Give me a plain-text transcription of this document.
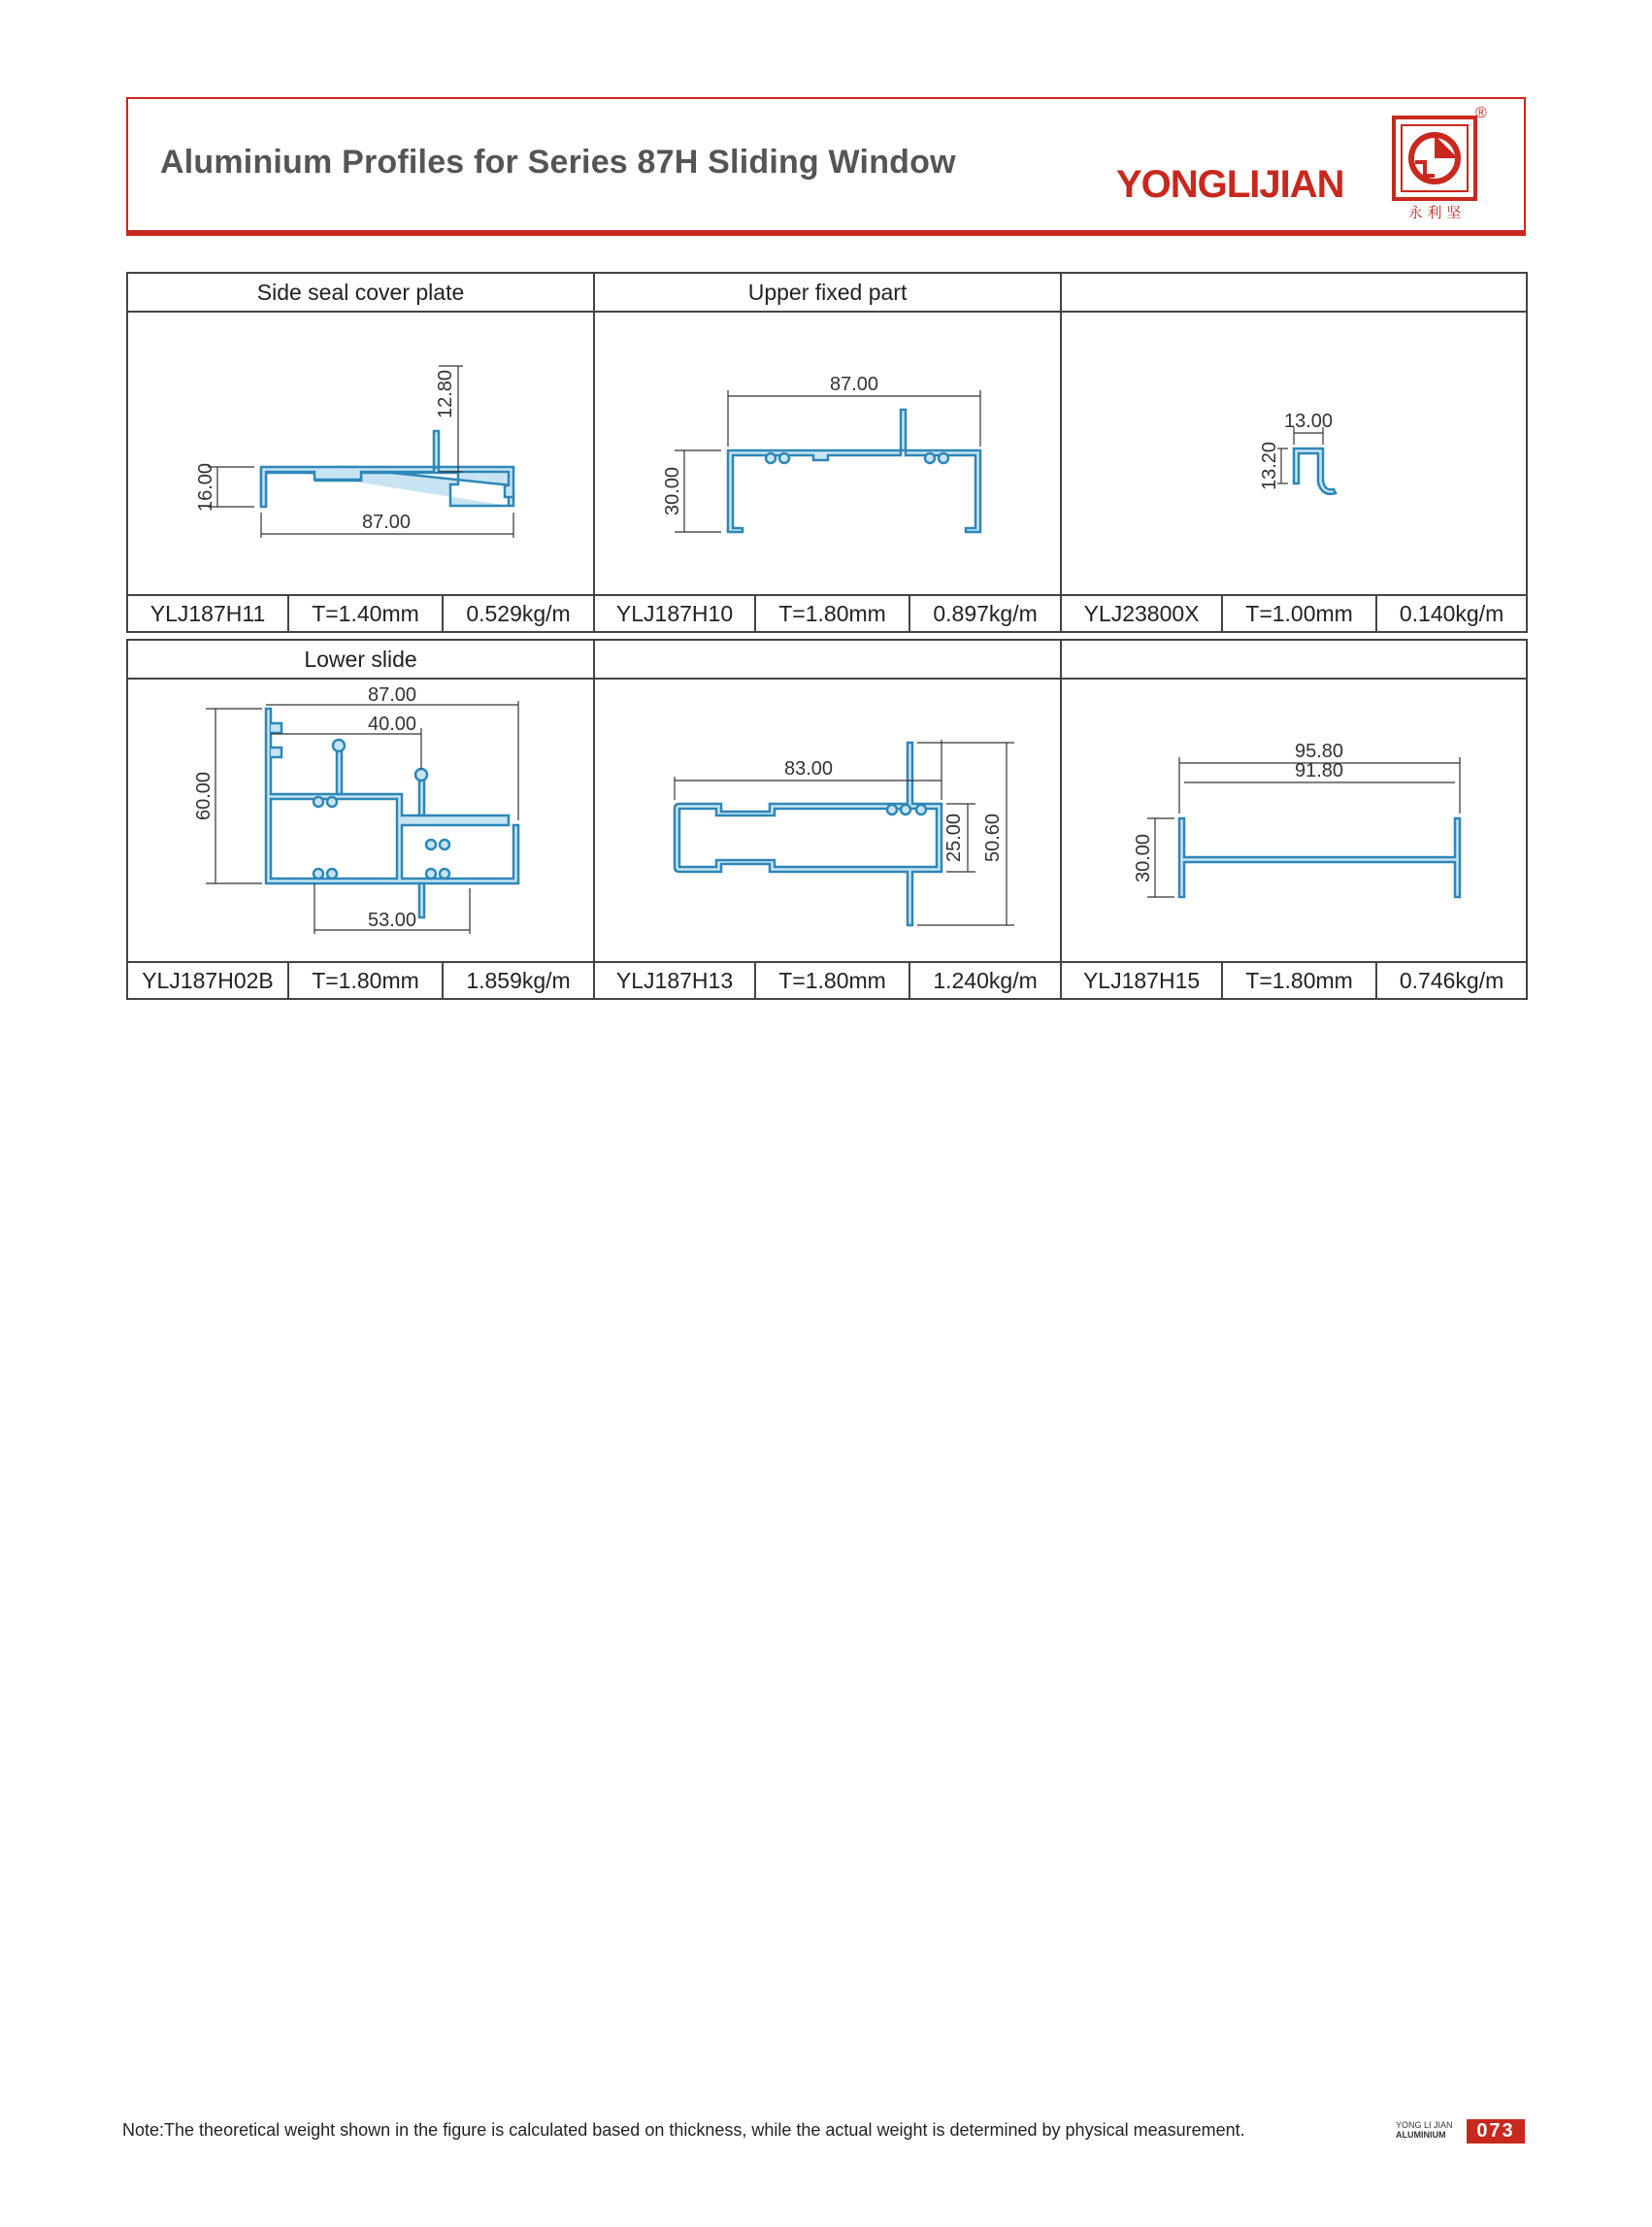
Aluminium Profiles for Series 87H Sliding Window
YONGLIJIAN
®
永 利 坚
Side seal cover plate			Upper fixed part					

16.00
87.00
12.80			87.00
30.00			13.00
13.20		

YLJ187H11	T=1.40mm	0.529kg/m	YLJ187H10	T=1.80mm	0.897kg/m	YLJ23800X	T=1.00mm	0.140kg/m
Lower slide								

87.00
40.00
60.00
53.00			83.00
25.00 50.60			95.80
91.80
30.00		

YLJ187H02B	T=1.80mm	1.859kg/m	YLJ187H13	T=1.80mm	1.240kg/m	YLJ187H15	T=1.80mm	0.746kg/m
Note:The theoretical weight shown in the figure is calculated based on thickness, while the actual weight is determined by physical measurement.	YONG LI JIAN
ALUMINIUM	073
